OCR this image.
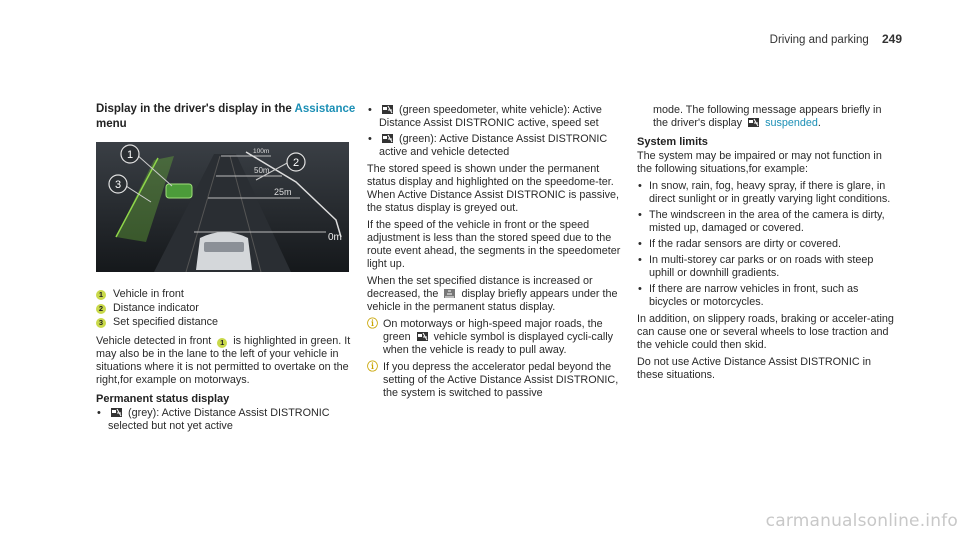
Driving and parking 249
Display in the driver's display in the Assistance
menu
1
2
3
100m
50m
25m
0m
1 Vehicle in front
2 Distance indicator
3 Set specified distance

Vehicle detected in front 1 is highlighted in green. It may also be in the lane to the left of your vehicle in situations where it is not permitted to overtake on the right,for example on motorways.

Permanent status display
• (grey): Active Distance Assist DISTRONIC selected but not yet active
• (green speedometer, white vehicle): Active Distance Assist DISTRONIC active, speed set
• (green): Active Distance Assist DISTRONIC active and vehicle detected

The stored speed is shown under the permanent status display and highlighted on the speedome-ter. When Active Distance Assist DISTRONIC is passive, the status display is greyed out.

If the speed of the vehicle in front or the speed adjustment is less than the stored speed due to the route event ahead, the segments in the speedometer light up.

When the set specified distance is increased or decreased, the display briefly appears under the vehicle in the permanent status display.

ⓘ On motorways or high-speed major roads, the green vehicle symbol is displayed cycli-cally when the vehicle is ready to pull away.
ⓘ If you depress the accelerator pedal beyond the setting of the Active Distance Assist DISTRONIC, the system is switched to passive

mode. The following message appears briefly in the driver's display suspended.

System limits

The system may be impaired or may not function in the following situations,for example:

• In snow, rain, fog, heavy spray, if there is glare, in direct sunlight or in greatly varying light conditions.
• The windscreen in the area of the camera is dirty, misted up, damaged or covered.
• If the radar sensors are dirty or covered.
• In multi-storey car parks or on roads with steep uphill or downhill gradients.
• If there are narrow vehicles in front, such as bicycles or motorcycles.

In addition, on slippery roads, braking or acceler-ating can cause one or several wheels to lose traction and the vehicle could then skid.

Do not use Active Distance Assist DISTRONIC in these situations.

carmanualsonline.info
